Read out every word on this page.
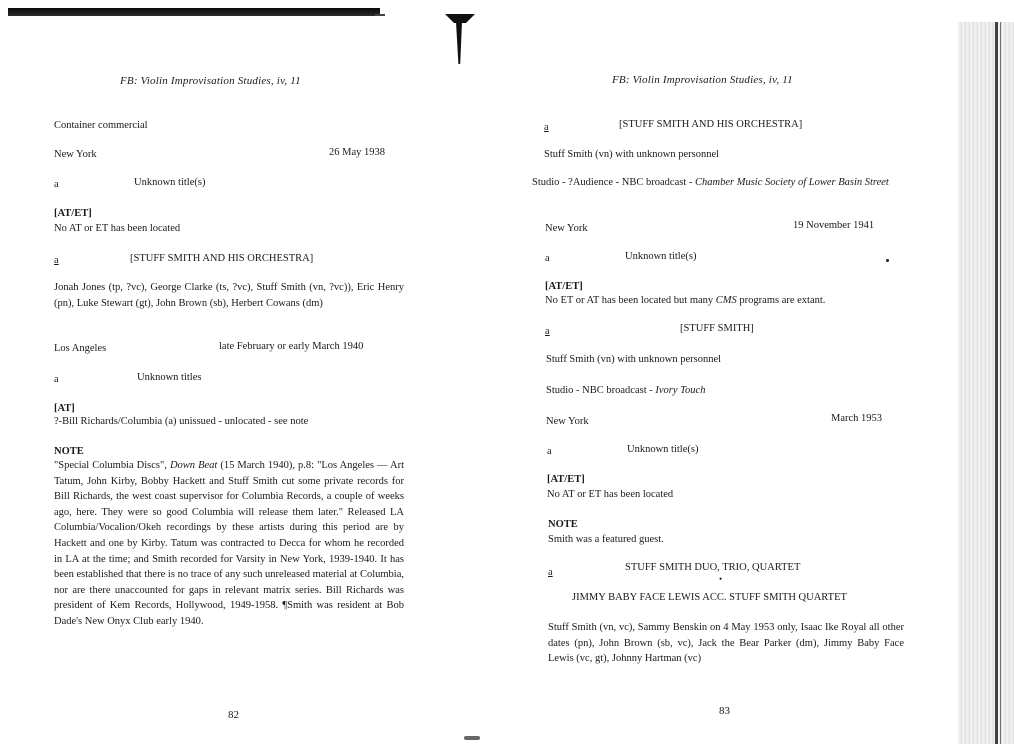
FB: Violin Improvisation Studies, iv, 11
Container commercial
New York	26 May 1938
a	Unknown title(s)
[AT/ET]
No AT or ET has been located
a	[STUFF SMITH AND HIS ORCHESTRA]
Jonah Jones (tp, ?vc), George Clarke (ts, ?vc), Stuff Smith (vn, ?vc)), Eric Henry (pn), Luke Stewart (gt), John Brown (sb), Herbert Cowans (dm)
Los Angeles	late February or early March 1940
a	Unknown titles
[AT]
?-Bill Richards/Columbia (a) unissued - unlocated - see note
NOTE
"Special Columbia Discs", Down Beat (15 March 1940), p.8: "Los Angeles — Art Tatum, John Kirby, Bobby Hackett and Stuff Smith cut some private records for Bill Richards, the west coast supervisor for Columbia Records, a couple of weeks ago, here. They were so good Columbia will release them later." Released LA Columbia/Vocalion/Okeh recordings by these artists during this period are by Hackett and one by Kirby. Tatum was contracted to Decca for whom he recorded in LA at the time; and Smith recorded for Varsity in New York, 1939-1940. It has been established that there is no trace of any such unreleased material at Columbia, nor are there unaccounted for gaps in relevant matrix series. Bill Richards was president of Kem Records, Hollywood, 1949-1958. ¶Smith was resident at Bob Dade's New Onyx Club early 1940.
82
FB: Violin Improvisation Studies, iv, 11
a	[STUFF SMITH AND HIS ORCHESTRA]
Stuff Smith (vn) with unknown personnel
Studio - ?Audience - NBC broadcast - Chamber Music Society of Lower Basin Street
New York	19 November 1941
a	Unknown title(s)
[AT/ET]
No ET or AT has been located but many CMS programs are extant.
a	[STUFF SMITH]
Stuff Smith (vn) with unknown personnel
Studio - NBC broadcast - Ivory Touch
New York	March 1953
a	Unknown title(s)
[AT/ET]
No AT or ET has been located
NOTE
Smith was a featured guest.
a	STUFF SMITH DUO, TRIO, QUARTET
•
JIMMY BABY FACE LEWIS ACC. STUFF SMITH QUARTET
Stuff Smith (vn, vc), Sammy Benskin on 4 May 1953 only, Isaac Ike Royal all other dates (pn), John Brown (sb, vc), Jack the Bear Parker (dm), Jimmy Baby Face Lewis (vc, gt), Johnny Hartman (vc)
83
